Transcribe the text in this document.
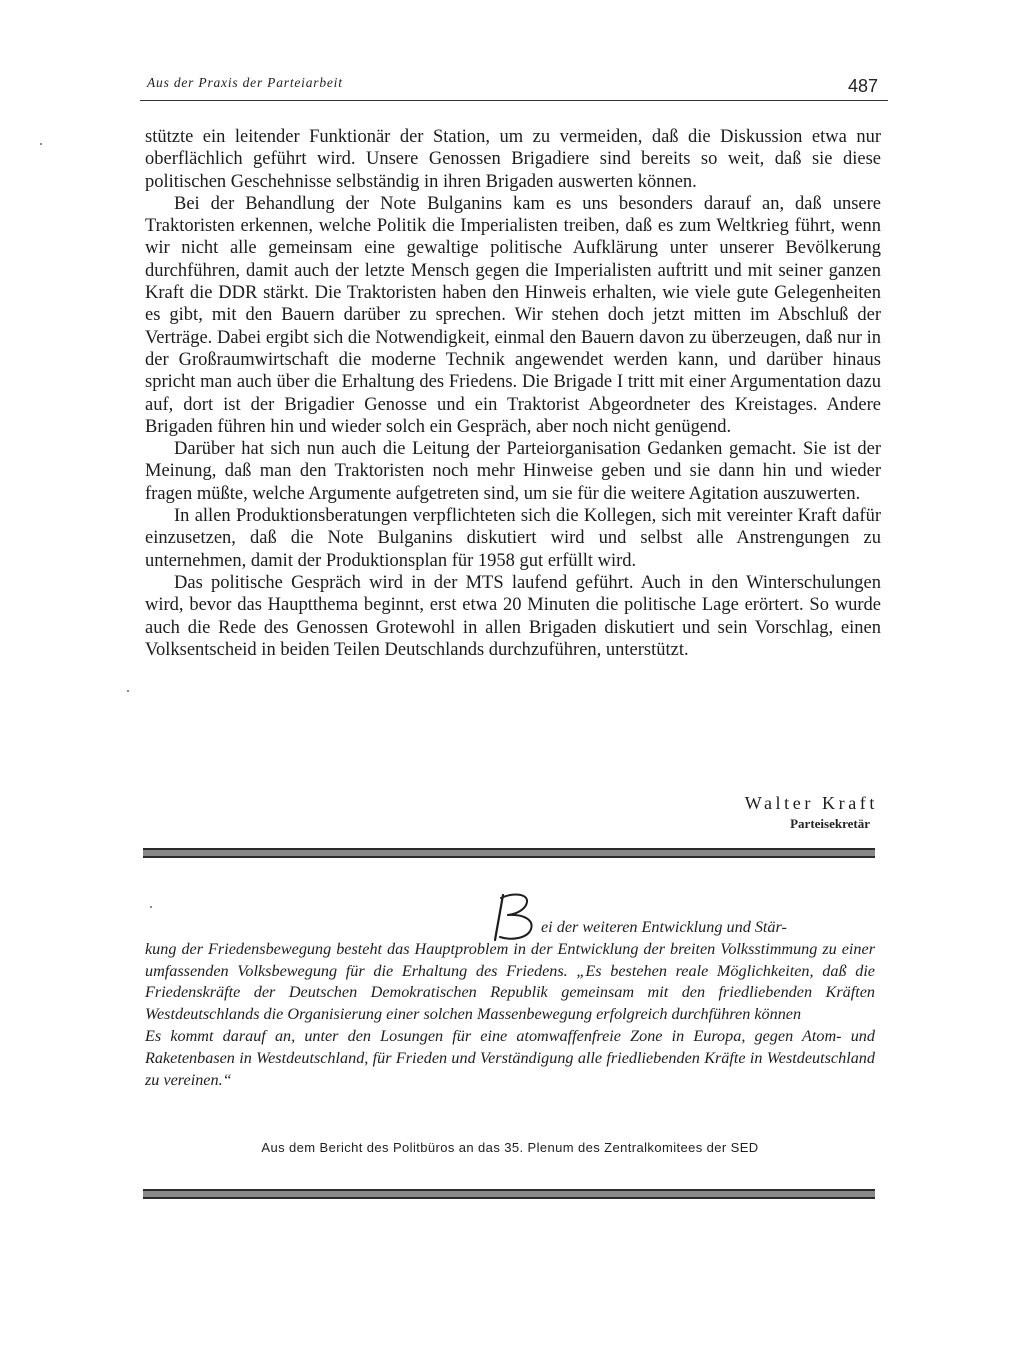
Aus der Praxis der Parteiarbeit	487

stützte ein leitender Funktionär der Station, um zu vermeiden, daß die Diskussion etwa nur oberflächlich geführt wird. Unsere Genossen Brigadiere sind bereits so weit, daß sie diese politischen Geschehnisse selbständig in ihren Brigaden auswerten können.

Bei der Behandlung der Note Bulganins kam es uns besonders darauf an, daß unsere Traktoristen erkennen, welche Politik die Imperialisten treiben, daß es zum Weltkrieg führt, wenn wir nicht alle gemeinsam eine gewaltige politische Aufklärung unter unserer Bevölkerung durchführen, damit auch der letzte Mensch gegen die Imperialisten auftritt und mit seiner ganzen Kraft die DDR stärkt. Die Traktoristen haben den Hinweis erhalten, wie viele gute Gelegenheiten es gibt, mit den Bauern darüber zu sprechen. Wir stehen doch jetzt mitten im Abschluß der Verträge. Dabei ergibt sich die Notwendigkeit, einmal den Bauern davon zu überzeugen, daß nur in der Großraumwirtschaft die moderne Technik angewendet werden kann, und darüber hinaus spricht man auch über die Erhaltung des Friedens. Die Brigade I tritt mit einer Argumentation dazu auf, dort ist der Brigadier Genosse und ein Traktorist Abgeordneter des Kreistages. Andere Brigaden führen hin und wieder solch ein Gespräch, aber noch nicht genügend.

Darüber hat sich nun auch die Leitung der Parteiorganisation Gedanken gemacht. Sie ist der Meinung, daß man den Traktoristen noch mehr Hinweise geben und sie dann hin und wieder fragen müßte, welche Argumente aufgetreten sind, um sie für die weitere Agitation auszuwerten.

In allen Produktionsberatungen verpflichteten sich die Kollegen, sich mit vereinter Kraft dafür einzusetzen, daß die Note Bulganins diskutiert wird und selbst alle Anstrengungen zu unternehmen, damit der Produktionsplan für 1958 gut erfüllt wird.

Das politische Gespräch wird in der MTS laufend geführt. Auch in den Winterschulungen wird, bevor das Hauptthema beginnt, erst etwa 20 Minuten die politische Lage erörtert. So wurde auch die Rede des Genossen Grotewohl in allen Brigaden diskutiert und sein Vorschlag, einen Volksentscheid in beiden Teilen Deutschlands durchzuführen, unterstützt.

Walter Kraft
Parteisekretär
ei der weiteren Entwicklung und Stär-
kung der Friedensbewegung besteht das Hauptproblem in der Entwicklung der breiten Volksstimmung zu einer umfassenden Volksbewegung für die Erhaltung des Friedens. „Es bestehen reale Möglichkeiten, daß die Friedenskräfte der Deutschen Demokratischen Republik gemeinsam mit den friedliebenden Kräften Westdeutschlands die Organisierung einer solchen Massenbewegung erfolgreich durchführen können
Es kommt darauf an, unter den Losungen für eine atomwaffenfreie Zone in Europa, gegen Atom- und Raketenbasen in Westdeutschland, für Frieden und Verständigung alle friedliebenden Kräfte in Westdeutschland zu vereinen.“
Aus dem Bericht des Politbüros an das 35. Plenum des Zentralkomitees der SED
